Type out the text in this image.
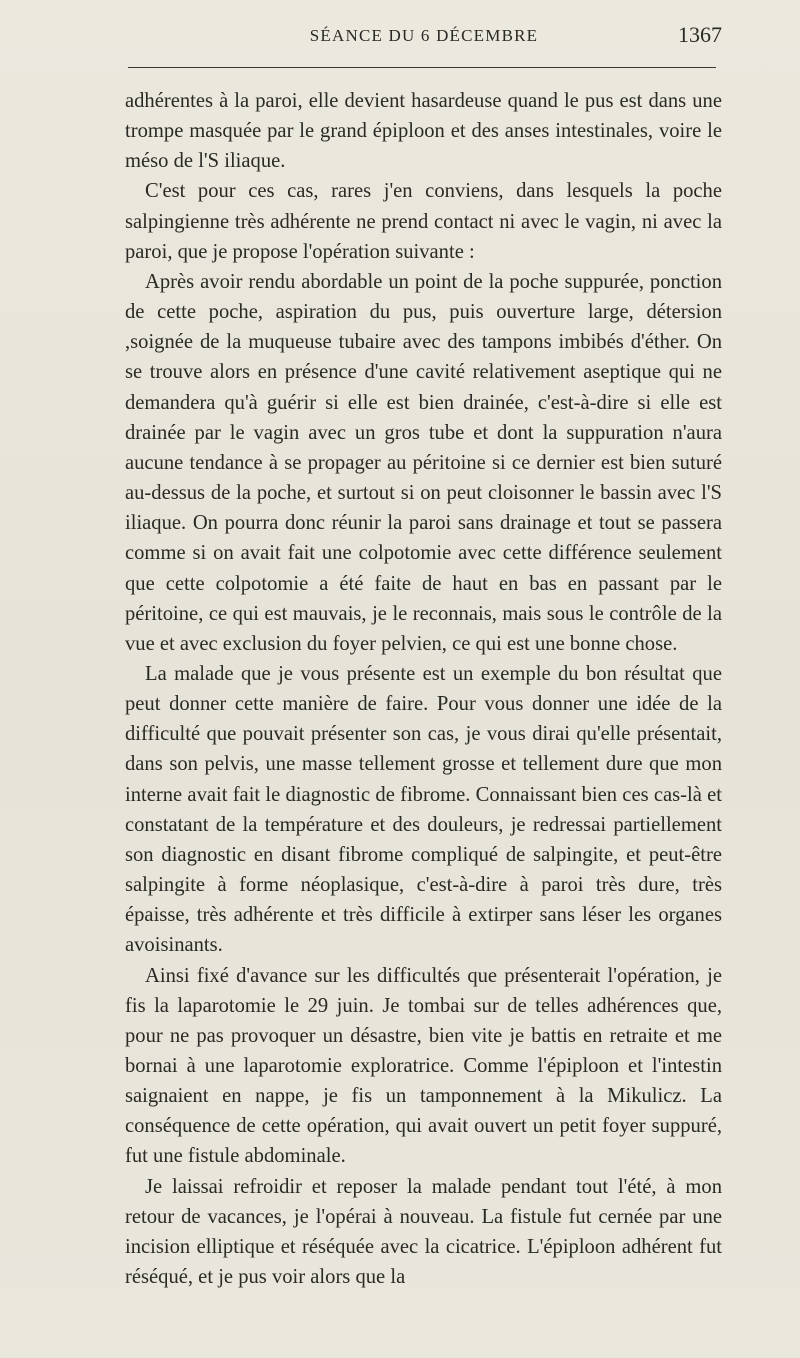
SÉANCE DU 6 DÉCEMBRE	1367

adhérentes à la paroi, elle devient hasardeuse quand le pus est dans une trompe masquée par le grand épiploon et des anses intestinales, voire le méso de l'S iliaque.

C'est pour ces cas, rares j'en conviens, dans lesquels la poche salpingienne très adhérente ne prend contact ni avec le vagin, ni avec la paroi, que je propose l'opération suivante :

Après avoir rendu abordable un point de la poche suppurée, ponction de cette poche, aspiration du pus, puis ouverture large, détersion ,soignée de la muqueuse tubaire avec des tampons imbibés d'éther. On se trouve alors en présence d'une cavité relativement aseptique qui ne demandera qu'à guérir si elle est bien drainée, c'est-à-dire si elle est drainée par le vagin avec un gros tube et dont la suppuration n'aura aucune tendance à se propager au péritoine si ce dernier est bien suturé au-dessus de la poche, et surtout si on peut cloisonner le bassin avec l'S iliaque. On pourra donc réunir la paroi sans drainage et tout se passera comme si on avait fait une colpotomie avec cette différence seulement que cette colpotomie a été faite de haut en bas en passant par le péritoine, ce qui est mauvais, je le reconnais, mais sous le contrôle de la vue et avec exclusion du foyer pelvien, ce qui est une bonne chose.

La malade que je vous présente est un exemple du bon résultat que peut donner cette manière de faire. Pour vous donner une idée de la difficulté que pouvait présenter son cas, je vous dirai qu'elle présentait, dans son pelvis, une masse tellement grosse et tellement dure que mon interne avait fait le diagnostic de fibrome. Connaissant bien ces cas-là et constatant de la température et des douleurs, je redressai partiellement son diagnostic en disant fibrome compliqué de salpingite, et peut-être salpingite à forme néoplasique, c'est-à-dire à paroi très dure, très épaisse, très adhérente et très difficile à extirper sans léser les organes avoisinants.

Ainsi fixé d'avance sur les difficultés que présenterait l'opération, je fis la laparotomie le 29 juin. Je tombai sur de telles adhérences que, pour ne pas provoquer un désastre, bien vite je battis en retraite et me bornai à une laparotomie exploratrice. Comme l'épiploon et l'intestin saignaient en nappe, je fis un tamponnement à la Mikulicz. La conséquence de cette opération, qui avait ouvert un petit foyer suppuré, fut une fistule abdominale.

Je laissai refroidir et reposer la malade pendant tout l'été, à mon retour de vacances, je l'opérai à nouveau. La fistule fut cernée par une incision elliptique et réséquée avec la cicatrice. L'épiploon adhérent fut réséqué, et je pus voir alors que la
